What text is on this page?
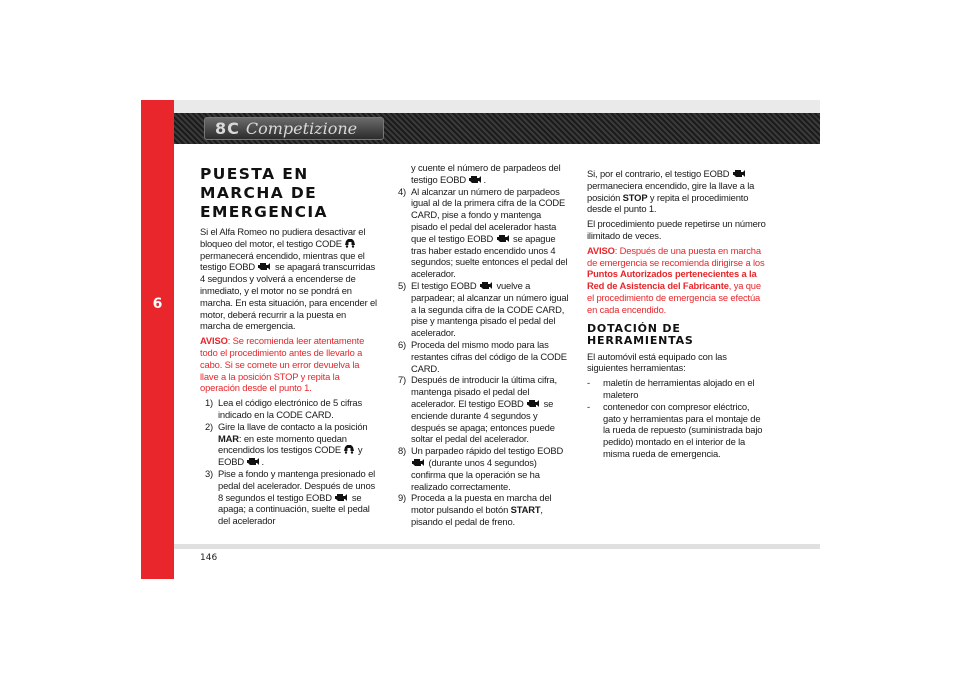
6
8C Competizione
146
PUESTA EN
MARCHA DE
EMERGENCIA

Si el Alfa Romeo no pudiera desactivar el bloqueo del motor, el testigo CODE  permanecerá encendido, mientras que el testigo EOBD se apagará transcurridas 4 segundos y volverá a encenderse de inmediato, y el motor no se pondrá en marcha. En esta situación, para encender el motor, deberá recurrir a la puesta en marcha de emergencia.

AVISO: Se recomienda leer atentamente todo el procedimiento antes de llevarlo a cabo. Si se comete un error devuelva la llave a la posición STOP y repita la operación desde el punto 1.

1) Lea el código electrónico de 5 cifras indicado en la CODE CARD.
2) Gire la llave de contacto a la posición MAR: en este momento quedan encendidos los testigos CODE y EOBD .
3) Pise a fondo y mantenga presionado el pedal del acelerador. Después de unos 8 segundos el testigo EOBD se apaga; a continuación, suelte el pedal del acelerador
y cuente el número de parpadeos del testigo EOBD .
4) Al alcanzar un número de parpadeos igual al de la primera cifra de la CODE CARD, pise a fondo y mantenga pisado el pedal del acelerador hasta que el testigo EOBD se apague tras haber estado encendido unos 4 segundos; suelte entonces el pedal del acelerador.
5) El testigo EOBD vuelve a parpadear; al alcanzar un número igual a la segunda cifra de la CODE CARD, pise y mantenga pisado el pedal del acelerador.
6) Proceda del mismo modo para las restantes cifras del código de la CODE CARD.
7) Después de introducir la última cifra, mantenga pisado el pedal del acelerador. El testigo EOBD se enciende durante 4 segundos y después se apaga; entonces puede soltar el pedal del acelerador.
8) Un parpadeo rápido del testigo EOBD  (durante unos 4 segundos) confirma que la operación se ha realizado correctamente.
9) Proceda a la puesta en marcha del motor pulsando el botón START, pisando el pedal de freno.

Si, por el contrario, el testigo EOBD  permaneciera encendido, gire la llave a la posición STOP y repita el procedimiento desde el punto 1.

El procedimiento puede repetirse un número ilimitado de veces.

AVISO: Después de una puesta en marcha de emergencia se recomienda dirigirse a los Puntos Autorizados pertenecientes a la Red de Asistencia del Fabricante, ya que el procedimiento de emergencia se efectúa en cada encendido.

DOTACIÓN DE
HERRAMIENTAS

El automóvil está equipado con las siguientes herramientas:

-	maletín de herramientas alojado en el maletero
-	contenedor con compresor eléctrico, gato y herramientas para el montaje de la rueda de repuesto (suministrada bajo pedido) montado en el interior de la misma rueda de emergencia.
